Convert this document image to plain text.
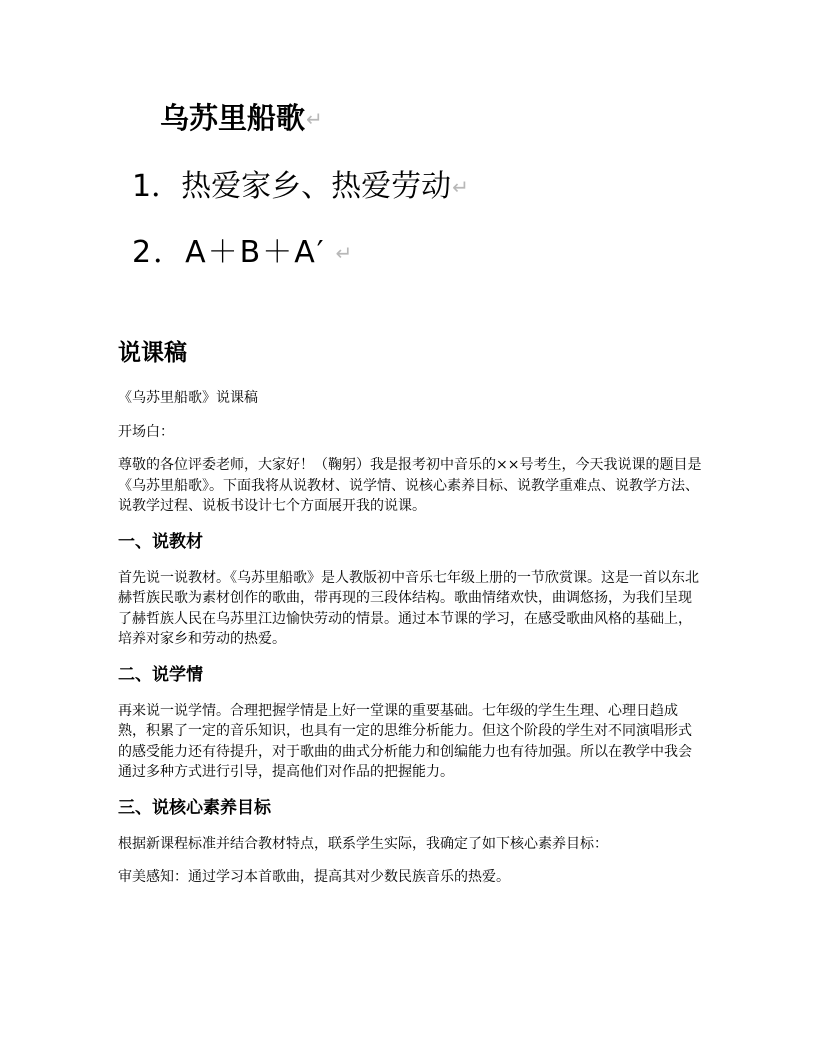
乌苏里船歌↵
1．热爱家乡、热爱劳动↵
2．A＋B＋A′ ↵
说课稿

《乌苏里船歌》说课稿

开场白：

尊敬的各位评委老师，大家好！（鞠躬）我是报考初中音乐的××号考生，今天我说课的题目是《乌苏里船歌》。下面我将从说教材、说学情、说核心素养目标、说教学重难点、说教学方法、说教学过程、说板书设计七个方面展开我的说课。

一、说教材

首先说一说教材。《乌苏里船歌》是人教版初中音乐七年级上册的一节欣赏课。这是一首以东北赫哲族民歌为素材创作的歌曲，带再现的三段体结构。歌曲情绪欢快，曲调悠扬，为我们呈现了赫哲族人民在乌苏里江边愉快劳动的情景。通过本节课的学习，在感受歌曲风格的基础上，培养对家乡和劳动的热爱。

二、说学情

再来说一说学情。合理把握学情是上好一堂课的重要基础。七年级的学生生理、心理日趋成熟，积累了一定的音乐知识，也具有一定的思维分析能力。但这个阶段的学生对不同演唱形式的感受能力还有待提升，对于歌曲的曲式分析能力和创编能力也有待加强。所以在教学中我会通过多种方式进行引导，提高他们对作品的把握能力。

三、说核心素养目标

根据新课程标准并结合教材特点，联系学生实际，我确定了如下核心素养目标：

审美感知：通过学习本首歌曲，提高其对少数民族音乐的热爱。
